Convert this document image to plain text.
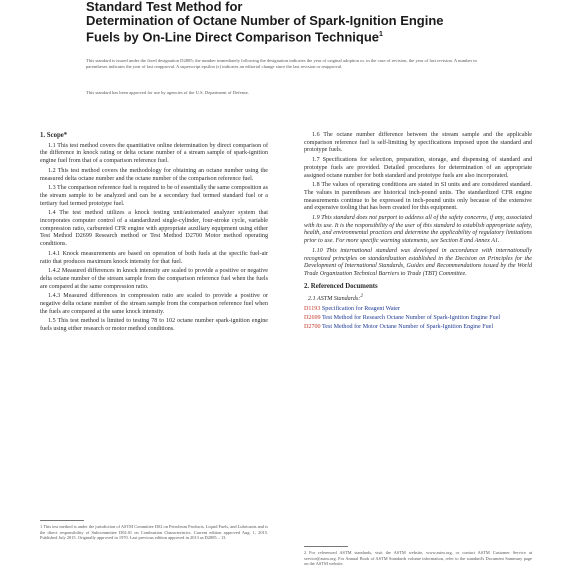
Standard Test Method for
Determination of Octane Number of Spark-Ignition Engine
Fuels by On-Line Direct Comparison Technique$^1$
This standard is issued under the fixed designation D2885; the number immediately following the designation indicates the year of original adoption or, in the case of revision, the year of last revision. A number in parentheses indicates the year of last reapproval. A superscript epsilon (ε) indicates an editorial change since the last revision or reapproval.
This standard has been approved for use by agencies of the U.S. Department of Defense.
1. Scope*
1.1 This test method covers the quantitative online determination by direct comparison of the difference in knock rating or delta octane number of a stream sample of spark-ignition engine fuel from that of a comparison reference fuel.
1.2 This test method covers the methodology for obtaining an octane number using the measured delta octane number and the octane number of the comparison reference fuel.
1.3 The comparison reference fuel is required to be of essentially the same composition as the stream sample to be analyzed and can be a secondary fuel termed standard fuel or a tertiary fuel termed prototype fuel.
1.4 The test method utilizes a knock testing unit/automated analyzer system that incorporates computer control of a standardized single-cylinder, four-stroke cycle, variable compression ratio, carbureted CFR engine with appropriate auxiliary equipment using either Test Method D2699 Research method or Test Method D2700 Motor method operating conditions.
1.4.1 Knock measurements are based on operation of both fuels at the specific fuel-air ratio that produces maximum knock intensity for that fuel.
1.4.2 Measured differences in knock intensity are scaled to provide a positive or negative delta octane number of the stream sample from the comparison reference fuel when the fuels are compared at the same compression ratio.
1.4.3 Measured differences in compression ratio are scaled to provide a positive or negative delta octane number of the stream sample from the comparison reference fuel when the fuels are compared at the same knock intensity.
1.5 This test method is limited to testing 78 to 102 octane number spark-ignition engine fuels using either research or motor method conditions.
1.6 The octane number difference between the stream sample and the applicable comparison reference fuel is self-limiting by specifications imposed upon the standard and prototype fuels.
1.7 Specifications for selection, preparation, storage, and dispensing of standard and prototype fuels are provided. Detailed procedures for determination of an appropriate assigned octane number for both standard and prototype fuels are also incorporated.
1.8 The values of operating conditions are stated in SI units and are considered standard. The values in parentheses are historical inch-pound units. The standardized CFR engine measurements continue to be expressed in inch-pound units only because of the extensive and expensive tooling that has been created for this equipment.
1.9 This standard does not purport to address all of the safety concerns, if any, associated with its use. It is the responsibility of the user of this standard to establish appropriate safety, health, and environmental practices and determine the applicability of regulatory limitations prior to use. For more specific warning statements, see Section 8 and Annex A1.
1.10 This international standard was developed in accordance with internationally recognized principles on standardization established in the Decision on Principles for the Development of International Standards, Guides and Recommendations issued by the World Trade Organization Technical Barriers to Trade (TBT) Committee.
2. Referenced Documents
2.1 ASTM Standards:$^2$
D1193 Specification for Reagent Water
D2699 Test Method for Research Octane Number of Spark-Ignition Engine Fuel
D2700 Test Method for Motor Octane Number of Spark-Ignition Engine Fuel
1 This test method is under the jurisdiction of ASTM Committee D02 on Petroleum Products, Liquid Fuels, and Lubricants and is the direct responsibility of Subcommittee D02.01 on Combustion Characteristics. Current edition approved Aug. 1, 2015. Published July 2015. Originally approved in 1970. Last previous edition approved in 2013 as D2885 – 13.
2 For referenced ASTM standards, visit the ASTM website, www.astm.org, or contact ASTM Customer Service at service@astm.org. For Annual Book of ASTM Standards volume information, refer to the standard's Document Summary page on the ASTM website.
